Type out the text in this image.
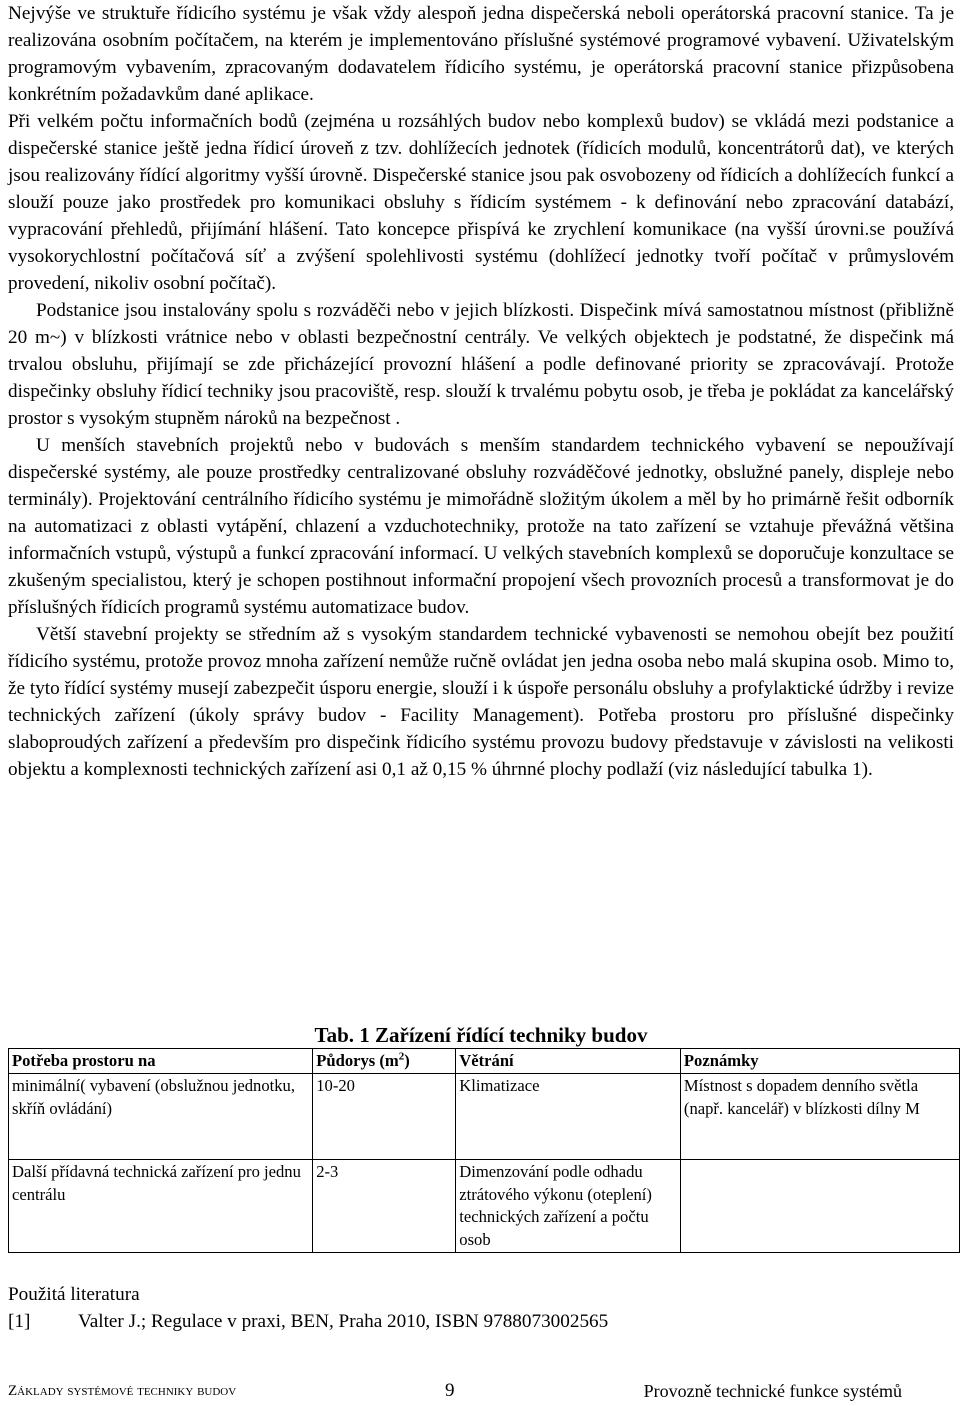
Nejvýše ve struktuře řídicího systému je však vždy alespoň jedna dispečerská neboli operátorská pracovní stanice. Ta je realizována osobním počítačem, na kterém je implementováno příslušné systémové programové vybavení. Uživatelským programovým vybavením, zpracovaným dodavatelem řídicího systému, je operátorská pracovní stanice přizpůsobena konkrétním požadavkům dané aplikace.

Při velkém počtu informačních bodů (zejména u rozsáhlých budov nebo komplexů budov) se vkládá mezi podstanice a dispečerské stanice ještě jedna řídicí úroveň z tzv. dohlížecích jednotek (řídicích modulů, koncentrátorů dat), ve kterých jsou realizovány řídící algoritmy vyšší úrovně. Dispečerské stanice jsou pak osvobozeny od řídicích a dohlížecích funkcí a slouží pouze jako prostředek pro komunikaci obsluhy s řídicím systémem - k definování nebo zpracování databází, vypracování přehledů, přijímání hlášení. Tato koncepce přispívá ke zrychlení komunikace (na vyšší úrovni.se používá vysokorychlostní počítačová síť a zvýšení spolehlivosti systému (dohlížecí jednotky tvoří počítač v průmyslovém provedení, nikoliv osobní počítač).

Podstanice jsou instalovány spolu s rozváděči nebo v jejich blízkosti. Dispečink mívá samostatnou místnost (přibližně 20 m~) v blízkosti vrátnice nebo v oblasti bezpečnostní centrály. Ve velkých objektech je podstatné, že dispečink má trvalou obsluhu, přijímají se zde přicházející provozní hlášení a podle definované priority se zpracovávají. Protože dispečinky obsluhy řídicí techniky jsou pracoviště, resp. slouží k trvalému pobytu osob, je třeba je pokládat za kancelářský prostor s vysokým stupněm nároků na bezpečnost .

U menších stavebních projektů nebo v budovách s menším standardem technického vybavení se nepoužívají dispečerské systémy, ale pouze prostředky centralizované obsluhy rozváděčové jednotky, obslužné panely, displeje nebo terminály). Projektování centrálního řídicího systému je mimořádně složitým úkolem a měl by ho primárně řešit odborník na automatizaci z oblasti vytápění, chlazení a vzduchotechniky, protože na tato zařízení se vztahuje převážná většina informačních vstupů, výstupů a funkcí zpracování informací. U velkých stavebních komplexů se doporučuje konzultace se zkušeným specialistou, který je schopen postihnout informační propojení všech provozních procesů a transformovat je do příslušných řídicích programů systému automatizace budov.

Větší stavební projekty se středním až s vysokým standardem technické vybavenosti se nemohou obejít bez použití řídicího systému, protože provoz mnoha zařízení nemůže ručně ovládat jen jedna osoba nebo malá skupina osob. Mimo to, že tyto řídící systémy musejí zabezpečit úsporu energie, slouží i k úspoře personálu obsluhy a profylaktické údržby i revize technických zařízení (úkoly správy budov - Facility Management). Potřeba prostoru pro příslušné dispečinky slaboproudých zařízení a především pro dispečink řídicího systému provozu budovy představuje v závislosti na velikosti objektu a komplexnosti technických zařízení asi 0,1 až 0,15 % úhrnné plochy podlaží (viz následující tabulka 1).

Tab. 1 Zařízení řídící techniky budov
Potřeba prostoru na	Půdorys $(m^2)$	Větrání	Poznámky
minimální( vybavení (obslužnou jednotku, skříň ovládání)	10-20	Klimatizace	Místnost s dopadem denního světla (např. kancelář) v blízkosti dílny M
Další přídavná technická zařízení pro jednu centrálu	2-3	Dimenzování podle odhadu ztrátového výkonu (oteplení) technických zařízení a počtu osob	
Použitá literatura
[1]	Valter J.; Regulace v praxi, BEN, Praha 2010, ISBN 9788073002565
Základy systémové techniky budov	9	Provozně technické funkce systémů
